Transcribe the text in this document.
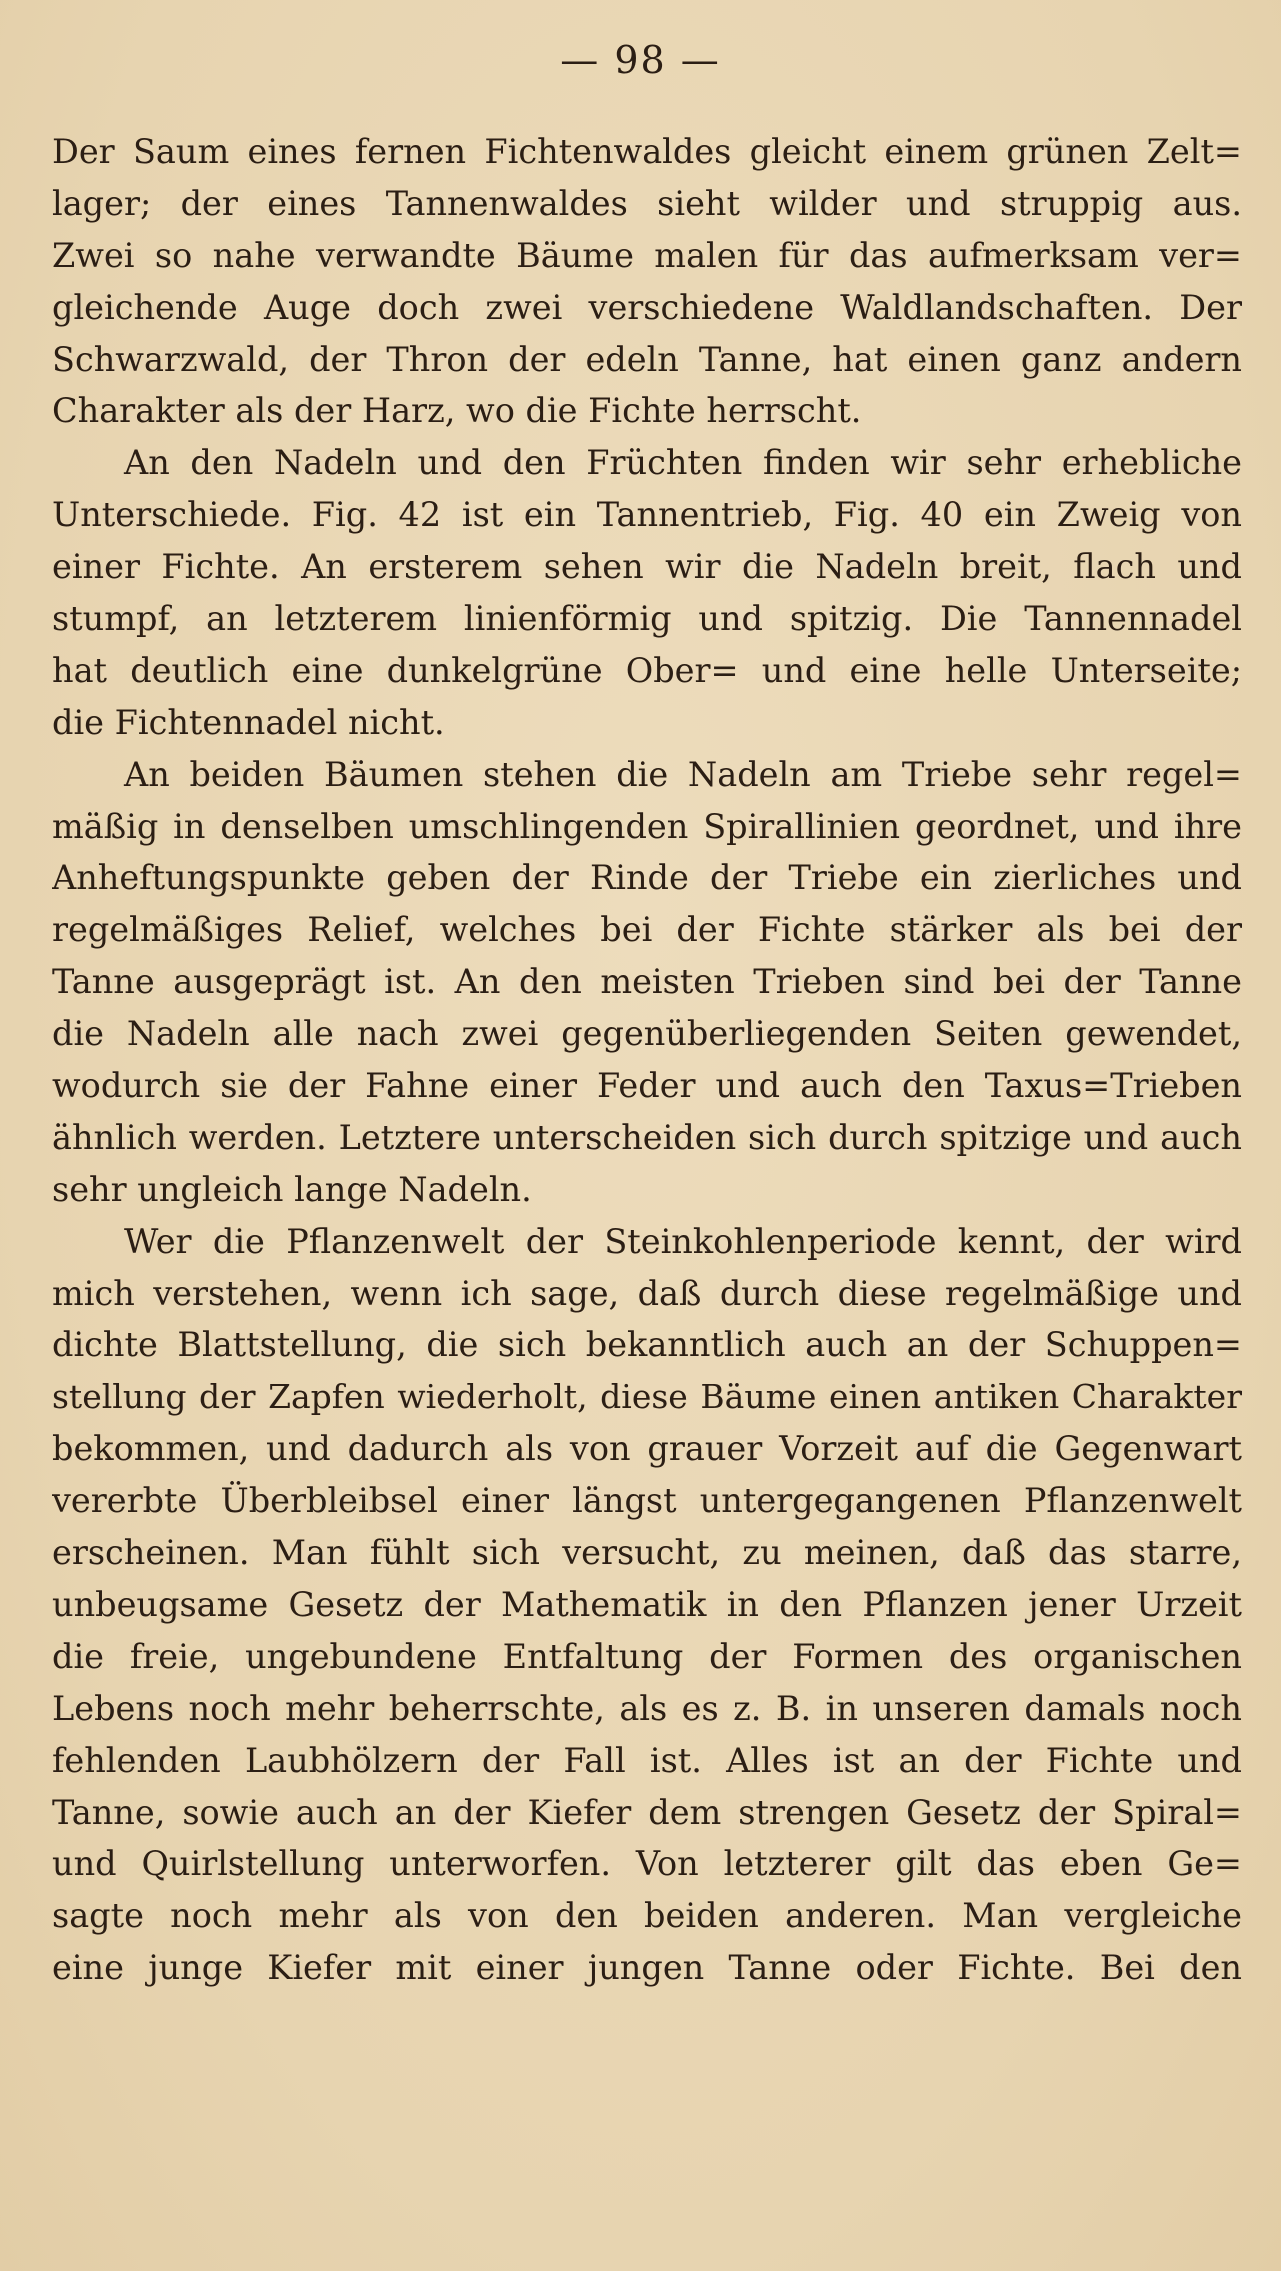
— 98 —
Der Saum eines fernen Fichtenwaldes gleicht einem grünen Zelt=
lager; der eines Tannenwaldes sieht wilder und struppig aus.
Zwei so nahe verwandte Bäume malen für das aufmerksam ver=
gleichende Auge doch zwei verschiedene Waldlandschaften. Der
Schwarzwald, der Thron der edeln Tanne, hat einen ganz andern
Charakter als der Harz, wo die Fichte herrscht.
An den Nadeln und den Früchten finden wir sehr erhebliche
Unterschiede. Fig. 42 ist ein Tannentrieb, Fig. 40 ein Zweig von
einer Fichte. An ersterem sehen wir die Nadeln breit, flach und
stumpf, an letzterem linienförmig und spitzig. Die Tannennadel
hat deutlich eine dunkelgrüne Ober= und eine helle Unterseite;
die Fichtennadel nicht.
An beiden Bäumen stehen die Nadeln am Triebe sehr regel=
mäßig in denselben umschlingenden Spirallinien geordnet, und ihre
Anheftungspunkte geben der Rinde der Triebe ein zierliches und
regelmäßiges Relief, welches bei der Fichte stärker als bei der
Tanne ausgeprägt ist. An den meisten Trieben sind bei der Tanne
die Nadeln alle nach zwei gegenüberliegenden Seiten gewendet,
wodurch sie der Fahne einer Feder und auch den Taxus=Trieben
ähnlich werden. Letztere unterscheiden sich durch spitzige und auch
sehr ungleich lange Nadeln.
Wer die Pflanzenwelt der Steinkohlenperiode kennt, der wird
mich verstehen, wenn ich sage, daß durch diese regelmäßige und
dichte Blattstellung, die sich bekanntlich auch an der Schuppen=
stellung der Zapfen wiederholt, diese Bäume einen antiken Charakter
bekommen, und dadurch als von grauer Vorzeit auf die Gegenwart
vererbte Überbleibsel einer längst untergegangenen Pflanzenwelt
erscheinen. Man fühlt sich versucht, zu meinen, daß das starre,
unbeugsame Gesetz der Mathematik in den Pflanzen jener Urzeit
die freie, ungebundene Entfaltung der Formen des organischen
Lebens noch mehr beherrschte, als es z. B. in unseren damals noch
fehlenden Laubhölzern der Fall ist. Alles ist an der Fichte und
Tanne, sowie auch an der Kiefer dem strengen Gesetz der Spiral=
und Quirlstellung unterworfen. Von letzterer gilt das eben Ge=
sagte noch mehr als von den beiden anderen. Man vergleiche
eine junge Kiefer mit einer jungen Tanne oder Fichte. Bei den
